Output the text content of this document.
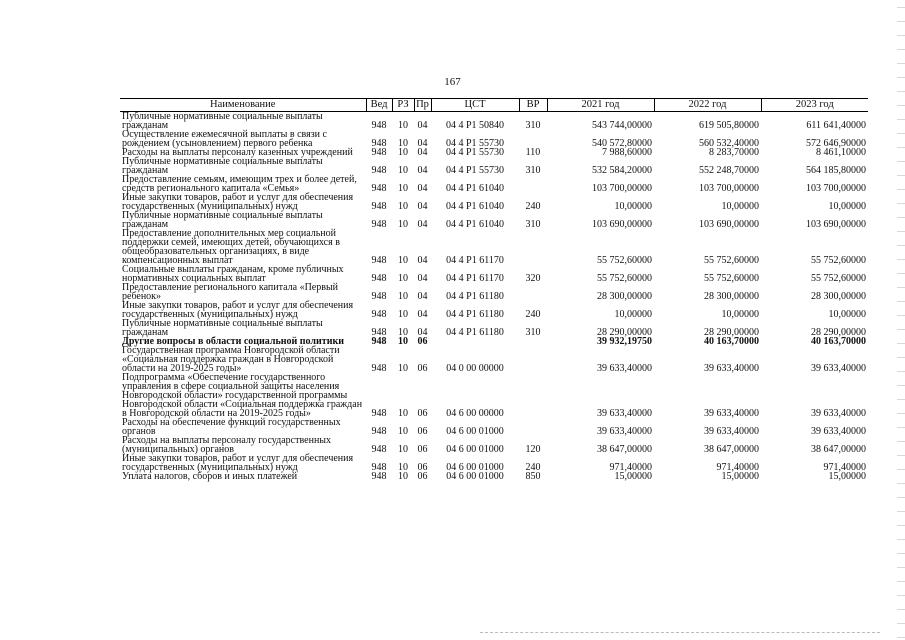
167
Наименование	Вед	РЗ	Пр	ЦСТ	ВР	2021 год	2022 год	2023 год
Публичные нормативные социальные выплаты гражданам	948	10	04	04 4 P1 50840	310	543 744,00000	619 505,80000	611 641,40000
Осуществление ежемесячной выплаты в связи с рождением (усыновлением) первого ребенка	948	10	04	04 4 P1 55730		540 572,80000	560 532,40000	572 646,90000
Расходы на выплаты персоналу казенных учреждений	948	10	04	04 4 P1 55730	110	7 988,60000	8 283,70000	8 461,10000
Публичные нормативные социальные выплаты гражданам	948	10	04	04 4 P1 55730	310	532 584,20000	552 248,70000	564 185,80000
Предоставление семьям, имеющим трех и более детей, средств регионального капитала «Семья»	948	10	04	04 4 P1 61040		103 700,00000	103 700,00000	103 700,00000
Иные закупки товаров, работ и услуг для обеспечения государственных (муниципальных) нужд	948	10	04	04 4 P1 61040	240	10,00000	10,00000	10,00000
Публичные нормативные социальные выплаты гражданам	948	10	04	04 4 P1 61040	310	103 690,00000	103 690,00000	103 690,00000
Предоставление дополнительных мер социальной поддержки семей, имеющих детей, обучающихся в общеобразовательных организациях, в виде компенсационных выплат	948	10	04	04 4 P1 61170		55 752,60000	55 752,60000	55 752,60000
Социальные выплаты гражданам, кроме публичных нормативных социальных выплат	948	10	04	04 4 P1 61170	320	55 752,60000	55 752,60000	55 752,60000
Предоставление регионального капитала «Первый ребенок»	948	10	04	04 4 P1 61180		28 300,00000	28 300,00000	28 300,00000
Иные закупки товаров, работ и услуг для обеспечения государственных (муниципальных) нужд	948	10	04	04 4 P1 61180	240	10,00000	10,00000	10,00000
Публичные нормативные социальные выплаты гражданам	948	10	04	04 4 P1 61180	310	28 290,00000	28 290,00000	28 290,00000
Другие вопросы в области социальной политики	948	10	06			39 932,19750	40 163,70000	40 163,70000
Государственная программа Новгородской области «Социальная поддержка граждан в Новгородской области на 2019-2025 годы»	948	10	06	04 0 00 00000		39 633,40000	39 633,40000	39 633,40000
Подпрограмма «Обеспечение государственного управления в сфере социальной защиты населения Новгородской области» государственной программы Новгородской области «Социальная поддержка граждан в Новгородской области на 2019-2025 годы»	948	10	06	04 6 00 00000		39 633,40000	39 633,40000	39 633,40000
Расходы на обеспечение функций государственных органов	948	10	06	04 6 00 01000		39 633,40000	39 633,40000	39 633,40000
Расходы на выплаты персоналу государственных (муниципальных) органов	948	10	06	04 6 00 01000	120	38 647,00000	38 647,00000	38 647,00000
Иные закупки товаров, работ и услуг для обеспечения государственных (муниципальных) нужд	948	10	06	04 6 00 01000	240	971,40000	971,40000	971,40000
Уплата налогов, сборов и иных платежей	948	10	06	04 6 00 01000	850	15,00000	15,00000	15,00000
